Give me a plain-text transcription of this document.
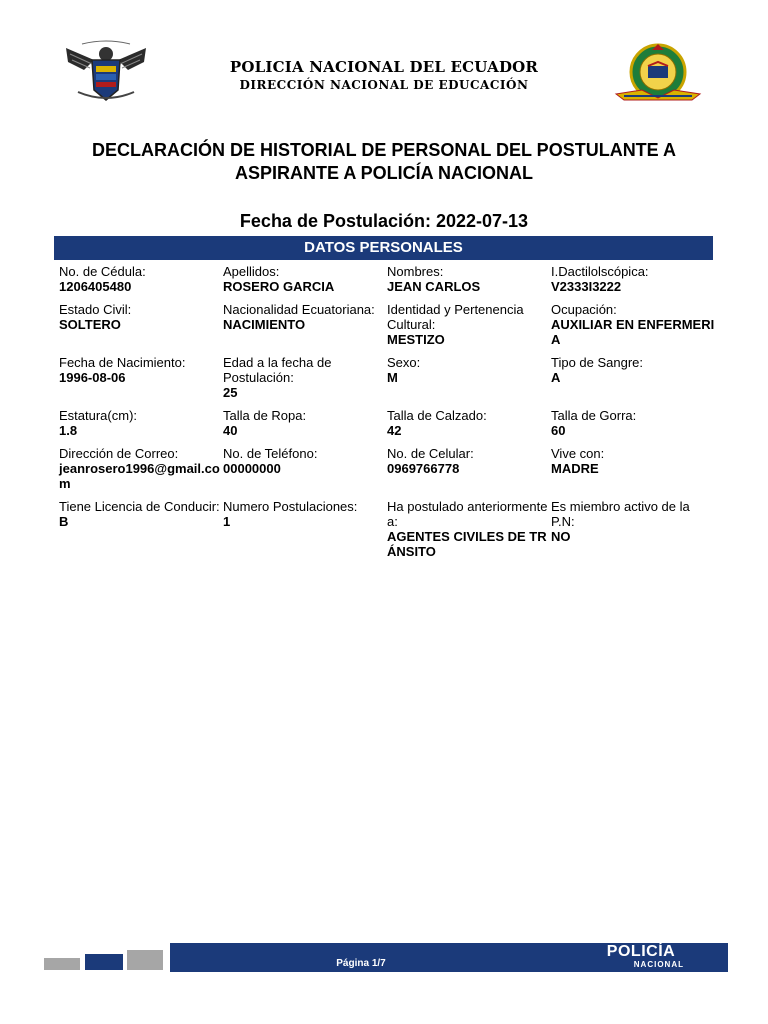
POLICIA NACIONAL DEL ECUADOR
DIRECCIÓN NACIONAL DE EDUCACIÓN
DECLARACIÓN DE HISTORIAL DE PERSONAL DEL POSTULANTE A
ASPIRANTE A POLICÍA NACIONAL
Fecha de Postulación: 2022-07-13
DATOS PERSONALES
No. de Cédula:
1206405480
Apellidos:
ROSERO GARCIA
Nombres:
JEAN CARLOS
I.Dactilolscópica:
V2333I3222
Estado Civil:
SOLTERO
Nacionalidad Ecuatoriana:
NACIMIENTO
Identidad y Pertenencia Cultural:
MESTIZO
Ocupación:
AUXILIAR EN ENFERMERIA
Fecha de Nacimiento:
1996-08-06
Edad a la fecha de Postulación:
25
Sexo:
M
Tipo de Sangre:
A
Estatura(cm):
1.8
Talla de Ropa:
40
Talla de Calzado:
42
Talla de Gorra:
60
Dirección de Correo:
jeanrosero1996@gmail.com
No. de Teléfono:
00000000
No. de Celular:
0969766778
Vive con:
MADRE
Tiene Licencia de Conducir:
B
Numero Postulaciones:
1
Ha postulado anteriormente a:
AGENTES CIVILES DE TRÁNSITO
Es miembro activo de la P.N:
NO
Página 1/7
POLICÍA
NACIONAL
